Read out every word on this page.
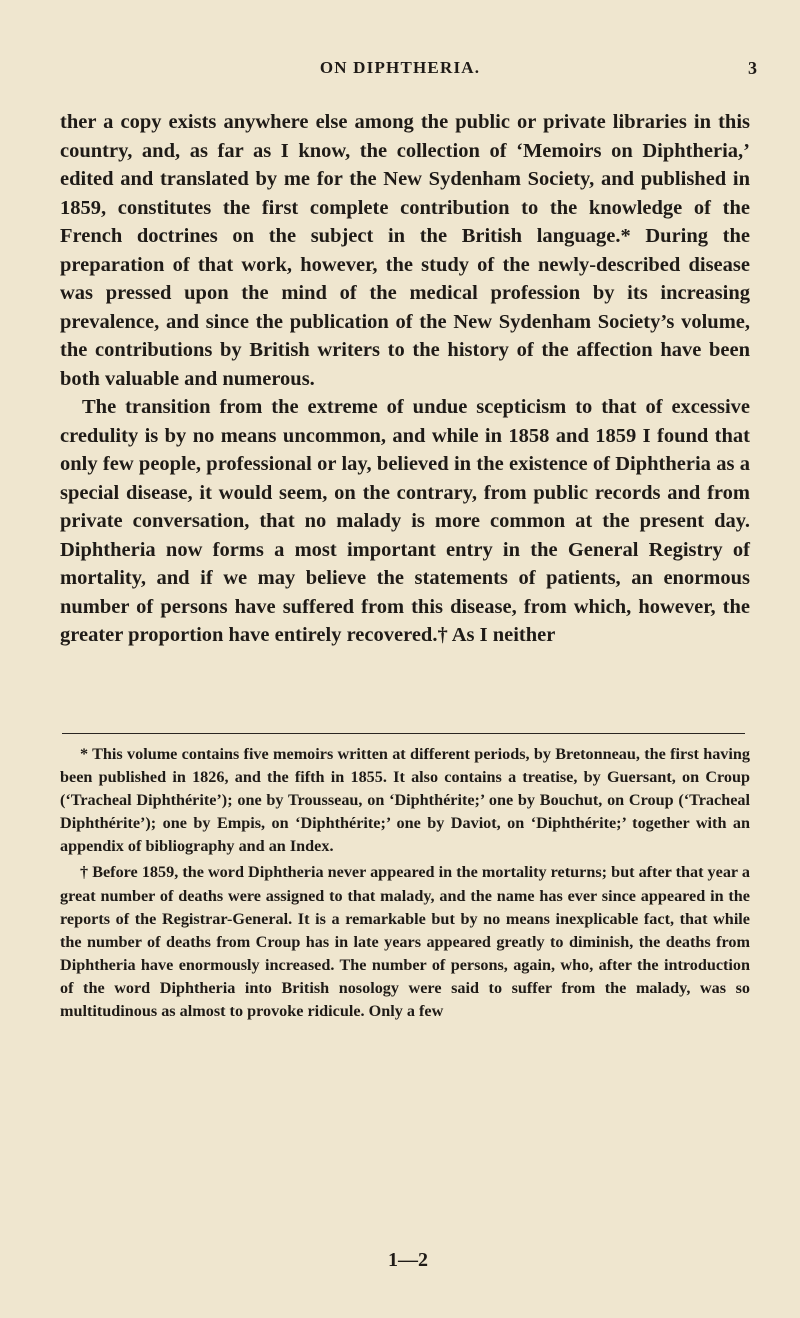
ON DIPHTHERIA.	3

ther a copy exists anywhere else among the public or private libraries in this country, and, as far as I know, the collection of ‘Memoirs on Diphtheria,’ edited and translated by me for the New Sydenham Society, and published in 1859, constitutes the first complete contribution to the knowledge of the French doctrines on the subject in the British language.* During the preparation of that work, however, the study of the newly-described disease was pressed upon the mind of the medical profession by its increasing prevalence, and since the publication of the New Sydenham Society’s volume, the contributions by British writers to the history of the affection have been both valuable and numerous.

The transition from the extreme of undue scepticism to that of excessive credulity is by no means uncommon, and while in 1858 and 1859 I found that only few people, professional or lay, believed in the existence of Diphtheria as a special disease, it would seem, on the contrary, from public records and from private conversation, that no malady is more common at the present day. Diphtheria now forms a most important entry in the General Registry of mortality, and if we may believe the statements of patients, an enormous number of persons have suffered from this disease, from which, however, the greater proportion have entirely recovered.† As I neither

* This volume contains five memoirs written at different periods, by Bretonneau, the first having been published in 1826, and the fifth in 1855. It also contains a treatise, by Guersant, on Croup (‘Tracheal Diphthérite’); one by Trousseau, on ‘Diphthérite;’ one by Bouchut, on Croup (‘Tracheal Diphthérite’); one by Empis, on ‘Diphthérite;’ one by Daviot, on ‘Diphthérite;’ together with an appendix of bibliography and an Index.

† Before 1859, the word Diphtheria never appeared in the mortality returns; but after that year a great number of deaths were assigned to that malady, and the name has ever since appeared in the reports of the Registrar-General. It is a remarkable but by no means inexplicable fact, that while the number of deaths from Croup has in late years appeared greatly to diminish, the deaths from Diphtheria have enormously increased. The number of persons, again, who, after the introduction of the word Diphtheria into British nosology were said to suffer from the malady, was so multitudinous as almost to provoke ridicule. Only a few

1—2
